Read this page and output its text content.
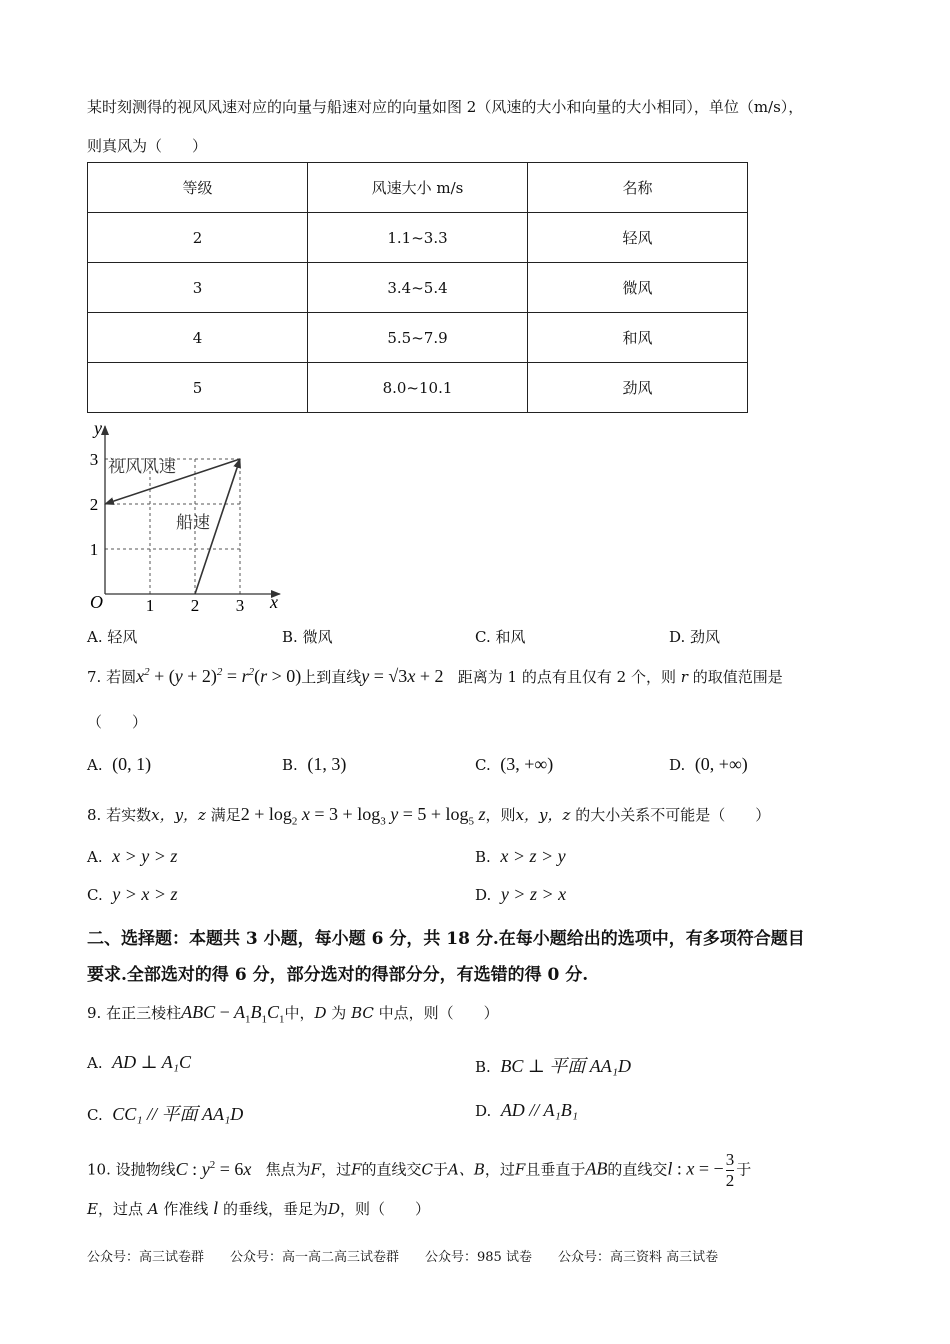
某时刻测得的视风风速对应的向量与船速对应的向量如图 2（风速的大小和向量的大小相同），单位（m/s），
则真风为（　　）
等级	风速大小 m/s	名称
2	1.1~3.3	轻风
3	3.4~5.4	微风
4	5.5~7.9	和风
5	8.0~10.1	劲风
y
x
O	1 2 3
1
2
3 视风风速
船速
A. 轻风	B. 微风	C. 和风	D. 劲风
7. 若圆$x^2 + (y + 2)^2 = r^2(r > 0)$上到直线y = √3x + 2 距离为 1 的点有且仅有 2 个，则 r 的取值范围是
（　　）
A. (0, 1)	B. (1, 3)	C. (3, +∞)	D. (0, +∞)
8. 若实数x，y，z 满足$2 + \log_2 x = 3 + \log_3 y = 5 + \log_5 z$，则x，y，z 的大小关系不可能是（　　）
A. x > y > z	B. x > z > y
C. y > x > z	D. y > z > x
二、选择题：本题共 3 小题，每小题 6 分，共 18 分.在每小题给出的选项中，有多项符合题目
要求.全部选对的得 6 分，部分选对的得部分分，有选错的得 0 分.
9. 在正三棱柱ABC − $A_1B_1C_1$中，D 为 BC 中点，则（　　）
A. AD ⊥ A₁C	B. BC ⊥ 平面 AA₁D
C. CC₁ // 平面 AA₁D	D. AD // A₁B₁
10. 设抛物线C : $y^2 = 6x$ 焦点为F，过F的直线交C于A、B，过F且垂直于AB的直线交l : x = − $\frac{3}{2}$ 于
E，过点 A 作准线 l 的垂线，垂足为D，则（　　）
公众号：高三试卷群　　公众号：高一高二高三试卷群　　公众号：985 试卷　　公众号：高三资料 高三试卷
